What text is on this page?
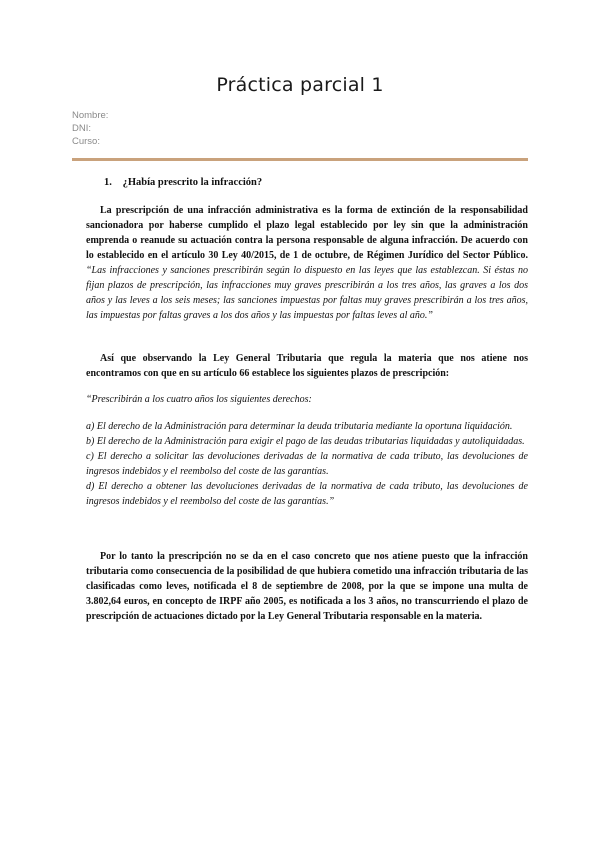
Práctica parcial 1
Nombre:
DNI:
Curso:
1. ¿Había prescrito la infracción?
La prescripción de una infracción administrativa es la forma de extinción de la responsabilidad sancionadora por haberse cumplido el plazo legal establecido por ley sin que la administración emprenda o reanude su actuación contra la persona responsable de alguna infracción. De acuerdo con lo establecido en el artículo 30 Ley 40/2015, de 1 de octubre, de Régimen Jurídico del Sector Público. “Las infracciones y sanciones prescribirán según lo dispuesto en las leyes que las establezcan. Si éstas no fijan plazos de prescripción, las infracciones muy graves prescribirán a los tres años, las graves a los dos años y las leves a los seis meses; las sanciones impuestas por faltas muy graves prescribirán a los tres años, las impuestas por faltas graves a los dos años y las impuestas por faltas leves al año.”
Así que observando la Ley General Tributaria que regula la materia que nos atiene nos encontramos con que en su artículo 66 establece los siguientes plazos de prescripción:
“Prescribirán a los cuatro años los siguientes derechos:
a) El derecho de la Administración para determinar la deuda tributaria mediante la oportuna liquidación.
b) El derecho de la Administración para exigir el pago de las deudas tributarias liquidadas y autoliquidadas.
c) El derecho a solicitar las devoluciones derivadas de la normativa de cada tributo, las devoluciones de ingresos indebidos y el reembolso del coste de las garantías.
d) El derecho a obtener las devoluciones derivadas de la normativa de cada tributo, las devoluciones de ingresos indebidos y el reembolso del coste de las garantías.”
Por lo tanto la prescripción no se da en el caso concreto que nos atiene puesto que la infracción tributaria como consecuencia de la posibilidad de que hubiera cometido una infracción tributaria de las clasificadas como leves, notificada el 8 de septiembre de 2008, por la que se impone una multa de 3.802,64 euros, en concepto de IRPF año 2005, es notificada a los 3 años, no transcurriendo el plazo de prescripción de actuaciones dictado por la Ley General Tributaria responsable en la materia.
